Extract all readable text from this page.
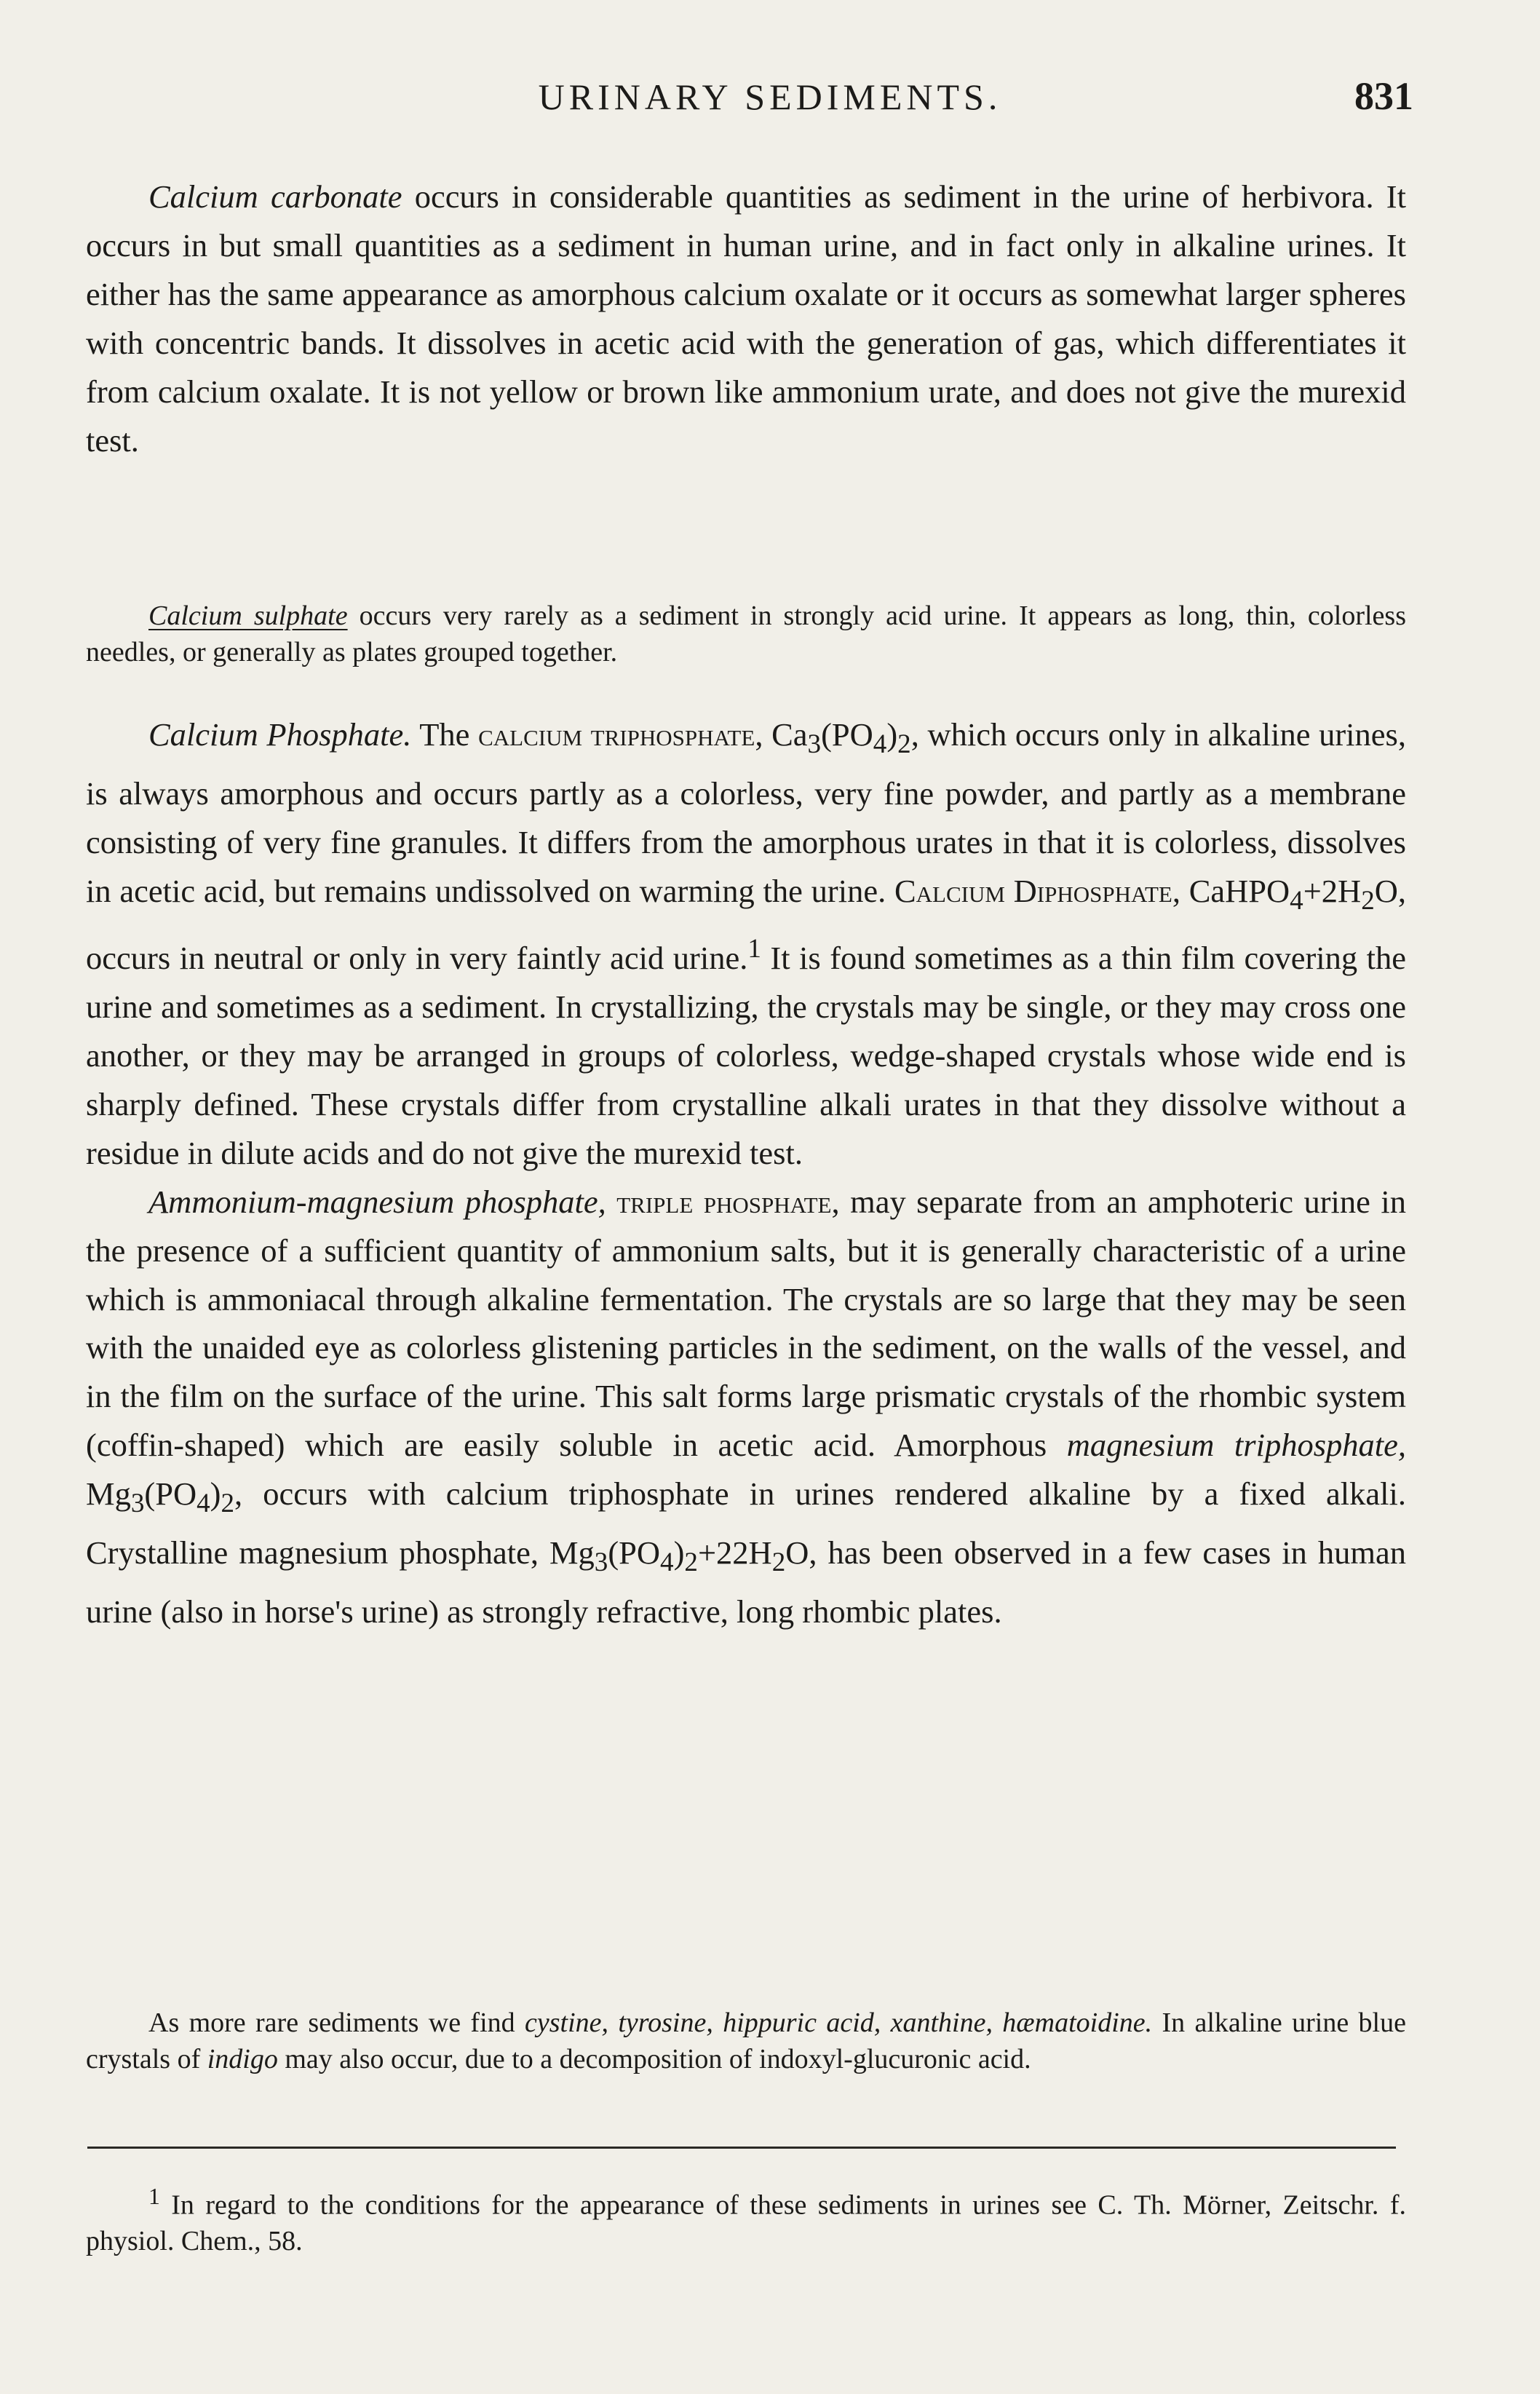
URINARY SEDIMENTS.	831

Calcium carbonate occurs in considerable quantities as sediment in the urine of herbivora. It occurs in but small quantities as a sediment in human urine, and in fact only in alkaline urines. It either has the same appearance as amorphous calcium oxalate or it occurs as somewhat larger spheres with concentric bands. It dissolves in acetic acid with the generation of gas, which differentiates it from calcium oxalate. It is not yellow or brown like ammonium urate, and does not give the murexid test.

Calcium sulphate occurs very rarely as a sediment in strongly acid urine. It appears as long, thin, colorless needles, or generally as plates grouped together.

Calcium Phosphate. The calcium triphosphate, $Ca_3(PO_4)_2$, which occurs only in alkaline urines, is always amorphous and occurs partly as a colorless, very fine powder, and partly as a membrane consisting of very fine granules. It differs from the amorphous urates in that it is colorless, dissolves in acetic acid, but remains undissolved on warming the urine. Calcium Diphosphate, $CaHPO_4+2H_2O$, occurs in neutral or only in very faintly acid urine.$^1$ It is found sometimes as a thin film covering the urine and sometimes as a sediment. In crystallizing, the crystals may be single, or they may cross one another, or they may be arranged in groups of colorless, wedge-shaped crystals whose wide end is sharply defined. These crystals differ from crystalline alkali urates in that they dissolve without a residue in dilute acids and do not give the murexid test.

Ammonium-magnesium phosphate, triple phosphate, may separate from an amphoteric urine in the presence of a sufficient quantity of ammonium salts, but it is generally characteristic of a urine which is ammoniacal through alkaline fermentation. The crystals are so large that they may be seen with the unaided eye as colorless glistening particles in the sediment, on the walls of the vessel, and in the film on the surface of the urine. This salt forms large prismatic crystals of the rhombic system (coffin-shaped) which are easily soluble in acetic acid. Amorphous magnesium triphosphate, $Mg_3(PO_4)_2$, occurs with calcium triphosphate in urines rendered alkaline by a fixed alkali. Crystalline magnesium phosphate, $Mg_3(PO_4)_2+22H_2O$, has been observed in a few cases in human urine (also in horse's urine) as strongly refractive, long rhombic plates.

As more rare sediments we find cystine, tyrosine, hippuric acid, xanthine, hæmatoidine. In alkaline urine blue crystals of indigo may also occur, due to a decomposition of indoxyl-glucuronic acid.

$^1$ In regard to the conditions for the appearance of these sediments in urines see C. Th. Mörner, Zeitschr. f. physiol. Chem., 58.
